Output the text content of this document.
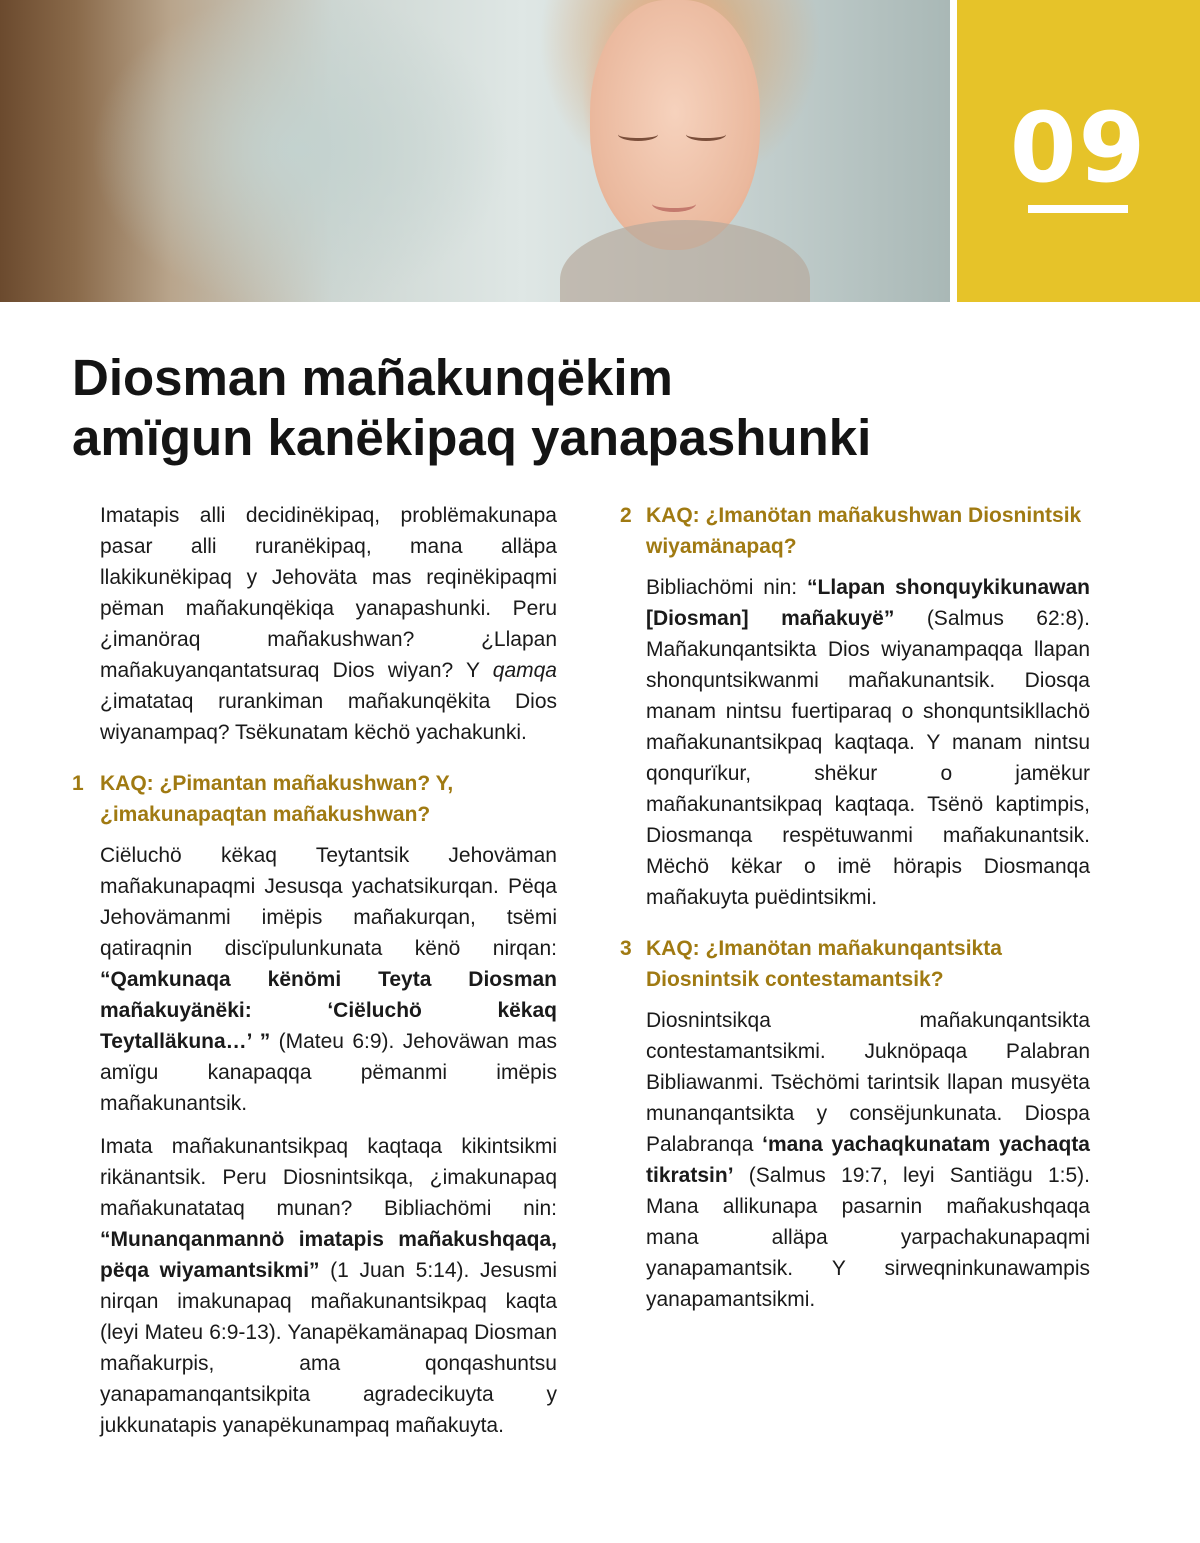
09
Diosman mañakunqëkim
amïgun kanëkipaq yanapashunki

Imatapis alli decidinëkipaq, problëmakunapa pasar alli ruranëkipaq, mana alläpa llakikunëkipaq y Jehoväta mas reqinëkipaqmi pëman mañakunqëkiqa yanapashunki. Peru ¿imanöraq mañakushwan? ¿Llapan mañakuyanqantatsuraq Dios wiyan? Y qamqa ¿imatataq rurankiman mañakunqëkita Dios wiyanampaq? Tsëkunatam këchö yachakunki.

1 KAQ: ¿Pimantan mañakushwan? Y, ¿imakunapaqtan mañakushwan?

Ciëluchö këkaq Teytantsik Jehoväman mañakunapaqmi Jesusqa yachatsikurqan. Pëqa Jehovämanmi imëpis mañakurqan, tsëmi qatiraqnin discïpulunkunata kënö nirqan: “Qamkunaqa kënömi Teyta Diosman mañakuyänëki: ‘Ciëluchö këkaq Teytalläkuna…’ ” (Mateu 6:9). Jehoväwan mas amïgu kanapaqqa pëmanmi imëpis mañakunantsik.

Imata mañakunantsikpaq kaqtaqa kikintsikmi rikänantsik. Peru Diosnintsikqa, ¿imakunapaq mañakunatataq munan? Bibliachömi nin: “Munanqanmannö imatapis mañakushqaqa, pëqa wiyamantsikmi” (1 Juan 5:14). Jesusmi nirqan imakunapaq mañakunantsikpaq kaqta (leyi Mateu 6:9-13). Yanapëkamänapaq Diosman mañakurpis, ama qonqashuntsu yanapamanqantsikpita agradecikuyta y jukkunatapis yanapëkunampaq mañakuyta.

2 KAQ: ¿Imanötan mañakushwan Diosnintsik wiyamänapaq?

Bibliachömi nin: “Llapan shonquykikunawan [Diosman] mañakuyë” (Salmus 62:8). Mañakunqantsikta Dios wiyanampaqqa llapan shonquntsikwanmi mañakunantsik. Diosqa manam nintsu fuertiparaq o shonquntsikllachö mañakunantsikpaq kaqtaqa. Y manam nintsu qonqurïkur, shëkur o jamëkur mañakunantsikpaq kaqtaqa. Tsënö kaptimpis, Diosmanqa respëtuwanmi mañakunantsik. Mëchö këkar o imë hörapis Diosmanqa mañakuyta puëdintsikmi.

3 KAQ: ¿Imanötan mañakunqantsikta Diosnintsik contestamantsik?

Diosnintsikqa mañakunqantsikta contestamantsikmi. Juknöpaqa Palabran Bibliawanmi. Tsëchömi tarintsik llapan musyëta munanqantsikta y consëjunkunata. Diospa Palabranqa ‘mana yachaqkunatam yachaqta tikratsin’ (Salmus 19:7, leyi Santiägu 1:5). Mana allikunapa pasarnin mañakushqaqa mana alläpa yarpachakunapaqmi yanapamantsik. Y sirweqninkunawampis yanapamantsikmi.
